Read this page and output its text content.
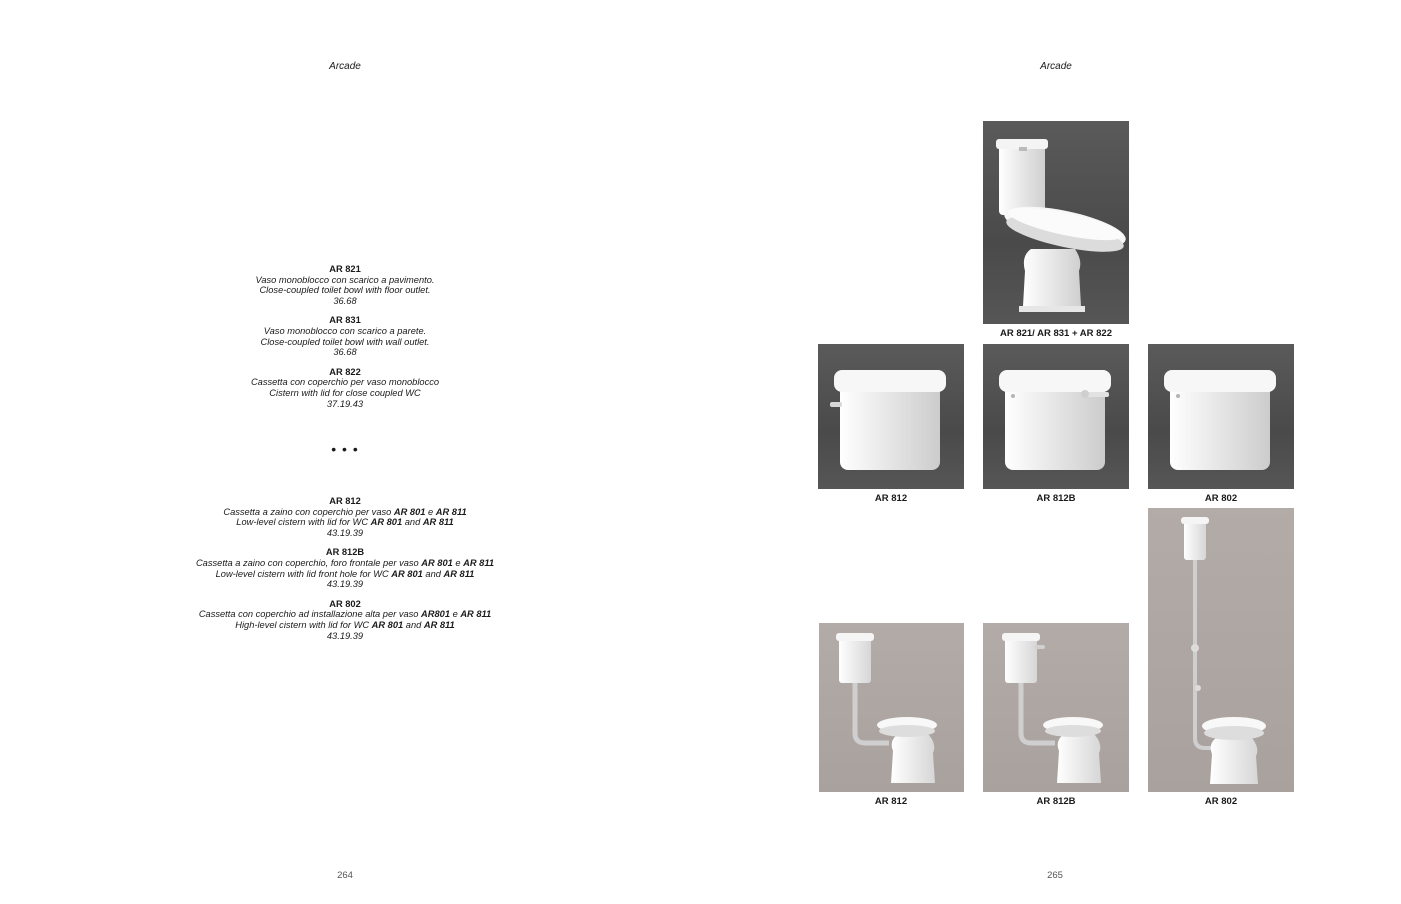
Arcade
AR 821
Vaso monoblocco con scarico a pavimento.
Close-coupled toilet bowl with floor outlet.
36.68
AR 831
Vaso monoblocco con scarico a parete.
Close-coupled toilet bowl with wall outlet.
36.68
AR 822
Cassetta con coperchio per vaso monoblocco
Cistern with lid for close coupled WC
37.19.43
• • •
AR 812
Cassetta a zaino con coperchio per vaso AR 801 e AR 811
Low-level cistern with lid for WC AR 801 and AR 811
43.19.39
AR 812B
Cassetta a zaino con coperchio, foro frontale per vaso AR 801 e AR 811
Low-level cistern with lid front hole for WC AR 801 and AR 811
43.19.39
AR 802
Cassetta con coperchio ad installazione alta per vaso AR801 e AR 811
High-level cistern with lid for WC AR 801 and AR 811
43.19.39
264
Arcade
AR 821/ AR 831 + AR 822
AR 812	AR 812B	AR 802
AR 812	AR 812B	AR 802
265
